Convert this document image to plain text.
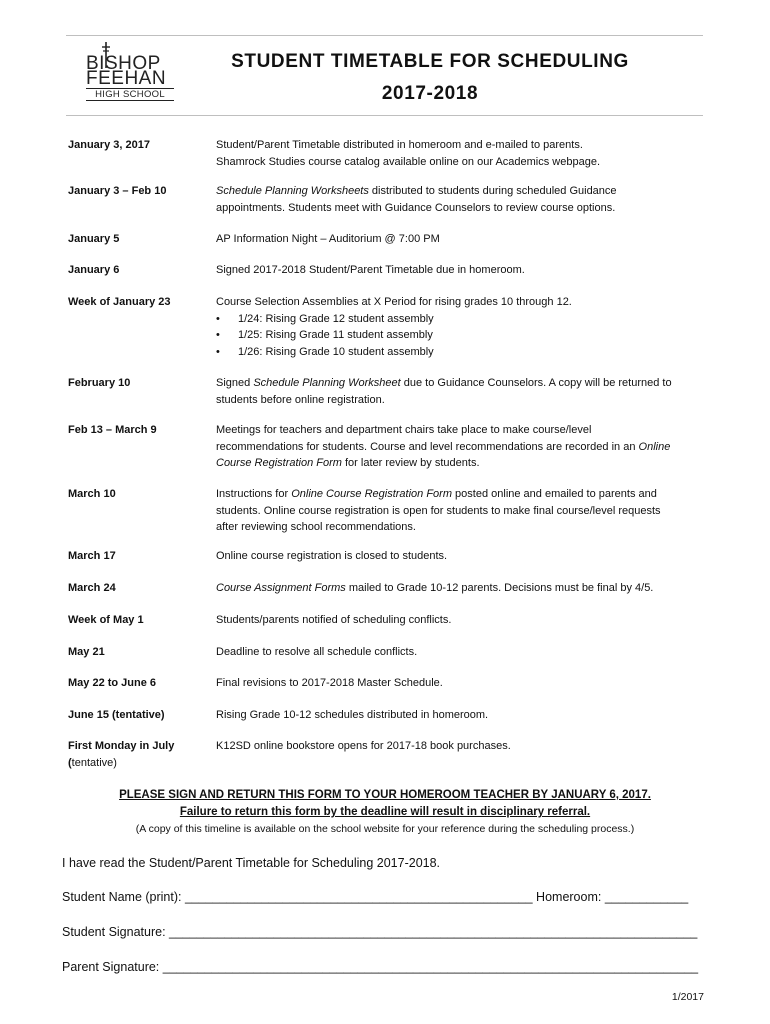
BISHOP
FEEHAN
HIGH SCHOOL
STUDENT TIMETABLE FOR SCHEDULING
2017-2018
January 3, 2017	Student/Parent Timetable distributed in homeroom and e-mailed to parents.
Shamrock Studies course catalog available online on our Academics webpage.
January 3 – Feb 10	Schedule Planning Worksheets distributed to students during scheduled Guidance
appointments. Students meet with Guidance Counselors to review course options.
January 5	AP Information Night – Auditorium @ 7:00 PM
January 6	Signed 2017-2018 Student/Parent Timetable due in homeroom.
Week of January 23	Course Selection Assemblies at X Period for rising grades 10 through 12.
• 1/24: Rising Grade 12 student assembly
• 1/25: Rising Grade 11 student assembly
• 1/26: Rising Grade 10 student assembly
February 10	Signed Schedule Planning Worksheet due to Guidance Counselors. A copy will be returned to
students before online registration.
Feb 13 – March 9	Meetings for teachers and department chairs take place to make course/level
recommendations for students. Course and level recommendations are recorded in an Online
Course Registration Form for later review by students.
March 10	Instructions for Online Course Registration Form posted online and emailed to parents and
students. Online course registration is open for students to make final course/level requests
after reviewing school recommendations.
March 17	Online course registration is closed to students.
March 24	Course Assignment Forms mailed to Grade 10-12 parents. Decisions must be final by 4/5.
Week of May 1	Students/parents notified of scheduling conflicts.
May 21	Deadline to resolve all schedule conflicts.
May 22 to June 6	Final revisions to 2017-2018 Master Schedule.
June 15 (tentative)	Rising Grade 10-12 schedules distributed in homeroom.
First Monday in July
(tentative)
K12SD online bookstore opens for 2017-18 book purchases.
PLEASE SIGN AND RETURN THIS FORM TO YOUR HOMEROOM TEACHER BY JANUARY 6, 2017.
Failure to return this form by the deadline will result in disciplinary referral.
(A copy of this timeline is available on the school website for your reference during the scheduling process.)
I have read the Student/Parent Timetable for Scheduling 2017-2018.
Student Name (print): __________________________________________________ Homeroom: ____________
Student Signature: ____________________________________________________________________________
Parent Signature: _____________________________________________________________________________
1/2017
